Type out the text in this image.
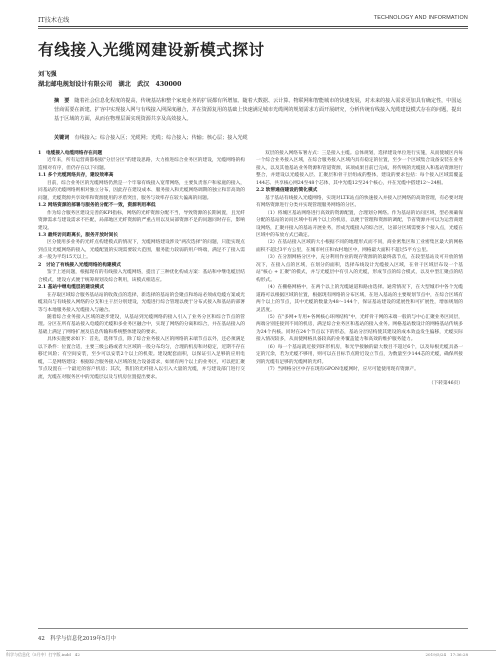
IT技术在线	TECHNOLOGY AND INFORMATION
有线接入光缆网建设新模式探讨
刘飞强
湖北邮电规划设计有限公司　湖北　武汉　430000
摘　要　 随着社会信息化程度的提高，传统基站和整个家庭业务的扩展都有所增加。随着大数据、云计算、物联网和智能城市的快速发展，对未来的接入需求更加具有确定性，中国运营商需要在新建、扩容中实现接入网与有线接入网深度融合，并在资源复用的基础上快速满足城市光缆网的规划需求方面开展研究，分析传统有线接入光缆建设模式存在的问题，提出基于区域的方面，从而在物理层面实现资源共享及高效接入。
关键词　 有线接入；综合接入区；光缆网；光缆；综合接入；传输；核心层；接入光缆

1　电缆接入电缆网络存在问题

近年来，所有运营商都根据"分层分区"的建设思路，大力推进综合业务区的建设，光缆网络的构造相对有序，但仍存在以下问题。

1.1 多个光缆网络共存，建设效率高

目前，综合业务区的光缆网络仍然是一个牢靠有线接入宽带网络，主要负责客户和家庭的接入，同基站的光缆网络则相对独立分布，因此存在建设成本、服务接入和光缆网络调期的独立和非高效的问题，光缆资源共享效率和资源使用的矛盾突出，服务与效率存在较大偏离的问题。

1.2 网络资源的部署与服务的分配不一致，资源利用率低

作为综合服务区建设完善的KPI指标，网络的光纤资源分配不当，导致资源的长期闲置，且光纤资源需求与建设需求不匹配，局部地区光纤资源的严重占用以及局部资源不足的问题同时存在，影响建设。

1.3 最终访问距离长，服务开放时间长

区分使用多业务的光纤点构建模式的情况下，光缆网络建设涉及"两次选择"的问题，只能实现点到点及光缆网络的接入，光缆配置的实现需要较大范围，服务能力较弱的用户终端，满足不了接入需求一般为平均15天以上。

2　讨论了有线接入光缆网络的构建模式

鉴于上述问题，根据现有的有线接入光缆网络，提出了三种优化构成方案：基站和中继电缆层结合模式，建设方式便于统筹规划及综合利用，该模式相适应。

2.1 基站中继电缆层的建设模式

在存取区域综合服务基站站的收敛点的选择，新选择的基站的会聚点和场站必须成电缆方案或光缆双向与有线接入网络的分支和主干层分别建设，光缆进行综合管理以便于分布式接入和基站的部署等与本地服务接入光缆接入与融合。

随着综合业务接入区域的逐步建设，从基站到光缆网络的接入引入了业务分区和综合节点的管理。分区在所有基站接入电缆的光缆和多业务区融合中，实现了网络的分离和综合，并在基站接入的基础上满足了网络扩展及信息传输和系统整体建设的要求。

具体实施要求如下：首先，选择节点，除了综合业务接入区的网络的末端节点以外，还必须满足以下条件：位置合适，主要三级公路或者大区域的一般分布均匀，合理的机房和对稳定，近期不存在移迁风险；有空间安装，至少可以安装2个以上的机架。建设配套面积，以保证引入足够的应用电缆，二是网络建设：根据综合服务接入区域的复合设备需求，如果有两个以上的业务区，可以把汇聚节点设置在一个最近的客户机房；其次，我们的光纤接入以引入大量的光缆，并与建设部门进行交流，光缆在对服务区中的光缆层以及与机房位置提出要求。

双层的接入网络布署方式：三是接入主缆。总体规划，选择建设单位进行实施，从而使城区内每一个综合业务接入区域，在综合服务接入区域内具有稳定的位置，至少一个区域集合设备安装在业务接入，以及其他基站业务资源和管道资源，该项成果目前已完成，将传统的光缆接入和基站资源进行整合，并建设以光缆接入层、汇聚层和骨干层组成的整体，建设的要求包括：每个接入区域需覆盖144芯、共享核心网24至48个芯体，其中光缆12至24个核心，并在光缆中搭建12～24根。

2.2 软带通信建设的简化模式

基于基站有线接入光缆网络，实现对LTE站点的快速接入并接入层网络的高效管理，有必要对现有网络资源进行分类并实现管理服务网络的分区。

（1）将城区基站网络进行高效的资源配置，合理划分网络。作为基站的访问区域，型必须确保分配的基站的访问区域中有两个以上的机房，以便于管理和资源的调配，节省资源并可以为运营商建设网络，汇聚并接入的基站开展业务，形成光缆接入的综合区，这部分区域需要多个接入点，光缆在区域中的布放方式已确定。

（2）在基站接入区域的大小根据不同的地理形式而不同，商业密集区和工业密集区最大的网格面积不超过3平方公里，在城市村庄和农村地区中，网格最大面积不超过5平方公里。

（3）在分割网格分区中，充分利用作业的现存资源的的最终落节点，在较型基站及可开放的情况下，在接入点的区域，在划分的面积，选择布线设计光缆接入区域，在骨干区域层布设一个基站"核心 + 汇聚"的模式，并与光缆层中有引入的光缆，形成节点的综合模式，以及中型汇聚点的结构形式。

（4）在栅格网格中，在两个以上的光缆通道和路由选择。通常情况下，在大型城市中各个光缆道路可以根据区域的位置，根据现有网络的分布区域，在进入基站的主要规划节点中，在综合区域有两个以上的节点，其中光缆的数量为48～144个，保证基站建设的延展性和可扩展性，增加规划的灵活度。

（5）在"多网+专用+各网核心环网结构"中，光纤骨干网的末端一般的与中心汇聚业务区同层，两端分别连接到不同的机房，满足综合业务区和基站的接入业务。网格基站数设计的网格基站传统多为24个内核。同时在24个节点以下的形态，基站分层结构使其建设的成本效益发生偏移，光缆实际接入情况较多，从而使网格具备较高的业务覆盖能力和高效的维护服务能力。

（6）每一个基站就近接到环形机房，和光学接触的最大数目不超过6个，以及每根光缆具备一定的冗余，若为光缆不够用，则可以在目标节点附近设立节点，为数量至少144芯的光缆，确保所接到的光缆有足够的光缆网的光纤。

（7）当网格分区中存在现有GPON电缆网时，应尽可能使用现有资源产。

（下转第46页）

42　科学与信息化2019年5月中
科学与信息化（5月中）打字版.indd　42	2019/5/24　17:36:28
